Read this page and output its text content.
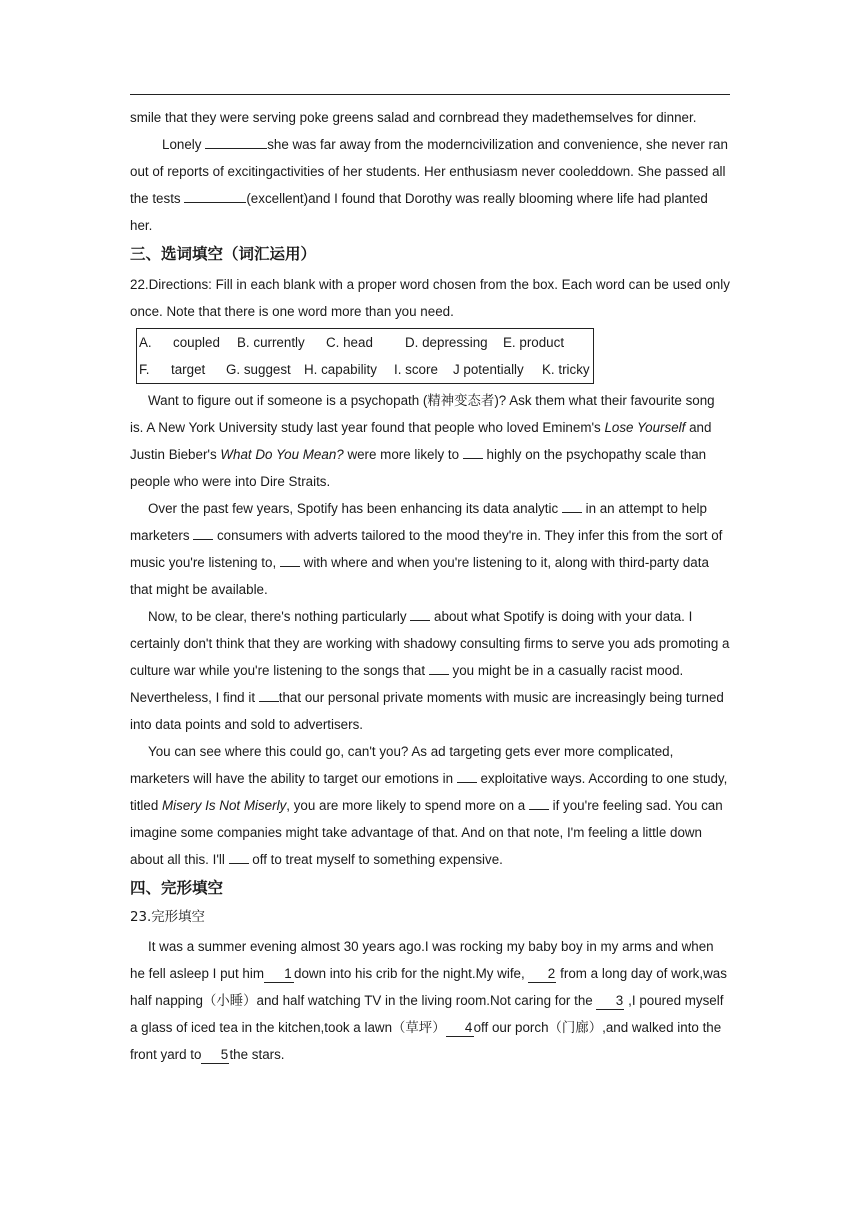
smile that they were serving poke greens salad and cornbread they madethemselves for dinner.

Lonely	she was far away from the moderncivilization and convenience, she never ran out of reports of excitingactivities of her students. Her enthusiasm never cooleddown. She passed all the tests	(excellent)and I found that Dorothy was really blooming where life had planted her.

三、选词填空（词汇运用）

22.Directions: Fill in each blank with a proper word chosen from the box. Each word can be used only once. Note that there is one word more than you need.

A. coupled B. currently C. head D. depressing E. product
F. target G. suggest H. capability I. score J potentially K. tricky

Want to figure out if someone is a psychopath (精神变态者)? Ask them what their favourite song is. A New York University study last year found that people who loved Eminem's Lose Yourself and Justin Bieber's What Do You Mean? were more likely to  highly on the psychopathy scale than people who were into Dire Straits.

Over the past few years, Spotify has been enhancing its data analytic  in an attempt to help marketers  consumers with adverts tailored to the mood they're in. They infer this from the sort of music you're listening to,  with where and when you're listening to it, along with third-party data that might be available.

Now, to be clear, there's nothing particularly  about what Spotify is doing with your data. I certainly don't think that they are working with shadowy consulting firms to serve you ads promoting a culture war while you're listening to the songs that  you might be in a casually racist mood. Nevertheless, I find it that our personal private moments with music are increasingly being turned into data points and sold to advertisers.

You can see where this could go, can't you? As ad targeting gets ever more complicated, marketers will have the ability to target our emotions in  exploitative ways. According to one study, titled Misery Is Not Miserly, you are more likely to spend more on a  if you're feeling sad. You can imagine some companies might take advantage of that. And on that note, I'm feeling a little down about all this. I'll  off to treat myself to something expensive.

四、完形填空
23.完形填空

It was a summer evening almost 30 years ago.I was rocking my baby boy in my arms and when he fell asleep I put him 1 down into his crib for the night.My wife, 2 from a long day of work,was half napping（小睡）and half watching TV in the living room.Not caring for the 3 ,I poured myself a glass of iced tea in the kitchen,took a lawn（草坪） 4off our porch（门廊）,and walked into the front yard to 5the stars.
